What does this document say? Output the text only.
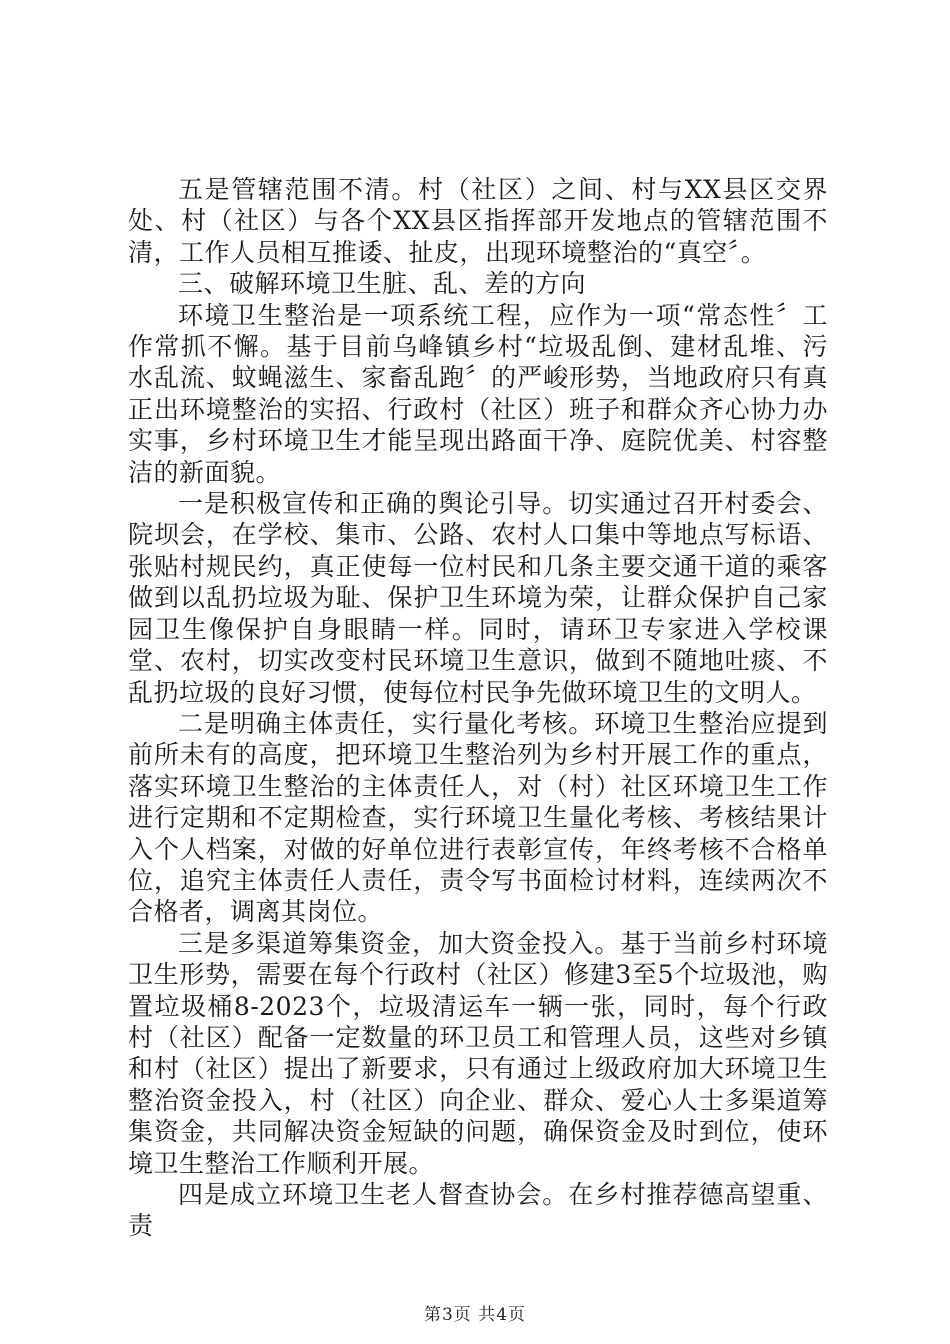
五是管辖范围不清。村（社区）之间、村与XX县区交界处、村（社区）与各个XX县区指挥部开发地点的管辖范围不清，工作人员相互推诿、扯皮，出现环境整治的“真空〞。

三、破解环境卫生脏、乱、差的方向

环境卫生整治是一项系统工程，应作为一项“常态性〞工作常抓不懈。基于目前乌峰镇乡村“垃圾乱倒、建材乱堆、污水乱流、蚊蝇滋生、家畜乱跑〞的严峻形势，当地政府只有真正出环境整治的实招、行政村（社区）班子和群众齐心协力办实事，乡村环境卫生才能呈现出路面干净、庭院优美、村容整洁的新面貌。

一是积极宣传和正确的舆论引导。切实通过召开村委会、院坝会，在学校、集市、公路、农村人口集中等地点写标语、张贴村规民约，真正使每一位村民和几条主要交通干道的乘客做到以乱扔垃圾为耻、保护卫生环境为荣，让群众保护自己家园卫生像保护自身眼睛一样。同时，请环卫专家进入学校课堂、农村，切实改变村民环境卫生意识，做到不随地吐痰、不乱扔垃圾的良好习惯，使每位村民争先做环境卫生的文明人。

二是明确主体责任，实行量化考核。环境卫生整治应提到前所未有的高度，把环境卫生整治列为乡村开展工作的重点，落实环境卫生整治的主体责任人，对（村）社区环境卫生工作进行定期和不定期检查，实行环境卫生量化考核、考核结果计入个人档案，对做的好单位进行表彰宣传，年终考核不合格单位，追究主体责任人责任，责令写书面检讨材料，连续两次不合格者，调离其岗位。

三是多渠道筹集资金，加大资金投入。基于当前乡村环境卫生形势，需要在每个行政村（社区）修建3至5个垃圾池，购置垃圾桶8-2023个，垃圾清运车一辆一张，同时，每个行政村（社区）配备一定数量的环卫员工和管理人员，这些对乡镇和村（社区）提出了新要求，只有通过上级政府加大环境卫生整治资金投入，村（社区）向企业、群众、爱心人士多渠道筹集资金，共同解决资金短缺的问题，确保资金及时到位，使环境卫生整治工作顺利开展。

四是成立环境卫生老人督查协会。在乡村推荐德高望重、责

第3页 共4页
